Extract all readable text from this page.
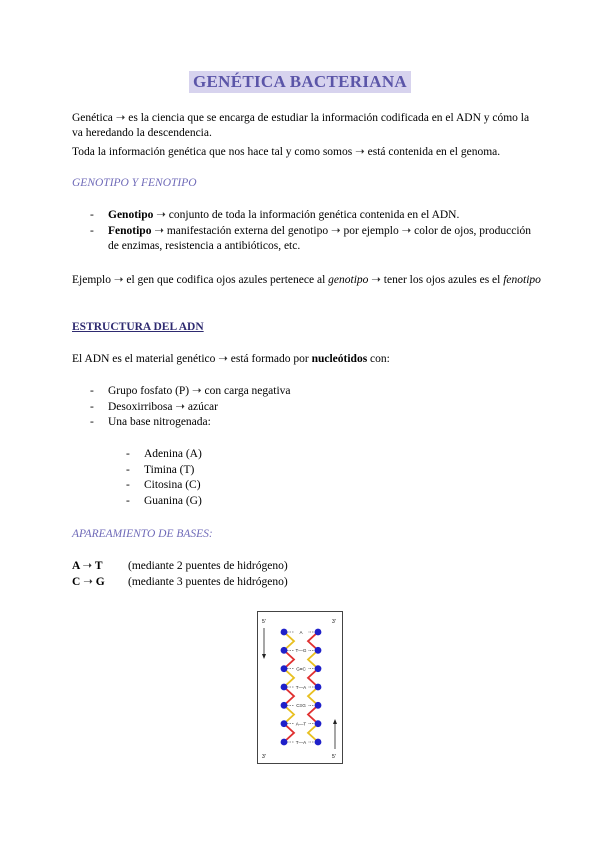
GENÉTICA BACTERIANA
Genética ➝ es la ciencia que se encarga de estudiar la información codificada en el ADN y cómo la va heredando la descendencia.
Toda la información genética que nos hace tal y como somos ➝ está contenida en el genoma.
GENOTIPO Y FENOTIPO
- Genotipo ➝ conjunto de toda la información genética contenida en el ADN.
- Fenotipo ➝ manifestación externa del genotipo ➝ por ejemplo ➝ color de ojos, producción de enzimas, resistencia a antibióticos, etc.
Ejemplo ➝ el gen que codifica ojos azules pertenece al genotipo ➝ tener los ojos azules es el fenotipo
ESTRUCTURA DEL ADN
El ADN es el material genético ➝ está formado por nucleótidos con:
- Grupo fosfato (P) ➝ con carga negativa
- Desoxirribosa ➝ azúcar
- Una base nitrogenada:
- Adenina (A)
- Timina (T)
- Citosina (C)
- Guanina (G)
APAREAMIENTO DE BASES:
A ➝ T	(mediante 2 puentes de hidrógeno)
C ➝ G	(mediante 3 puentes de hidrógeno)
5'	3'
3'	5'
A
T—G
G≡C
T—A
C≡G
A—T
T—A
